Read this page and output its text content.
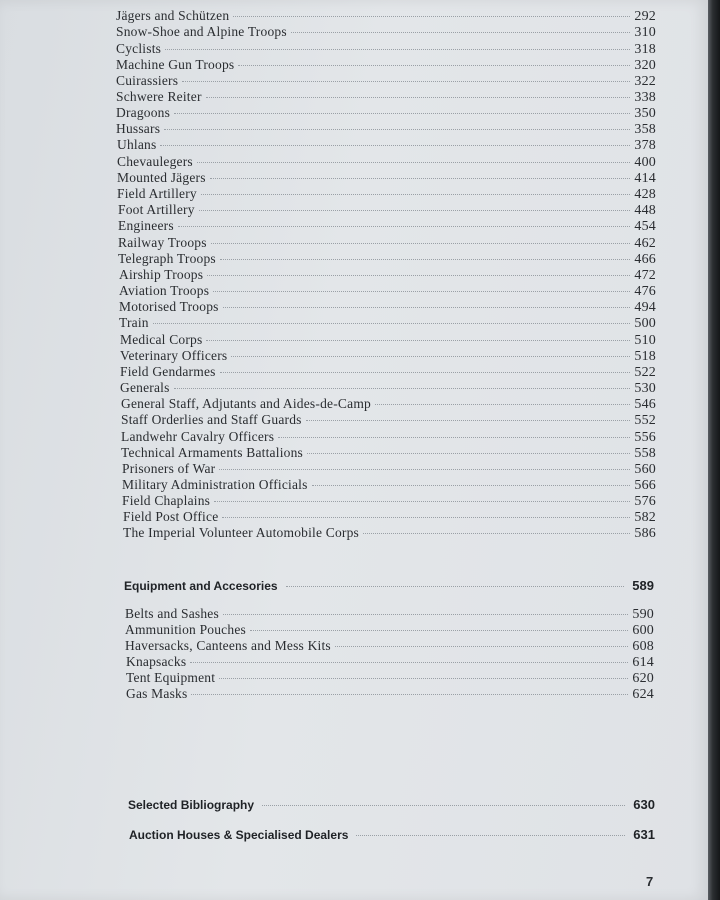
Jägers and Schützen	292
Snow-Shoe and Alpine Troops	310
Cyclists	318
Machine Gun Troops	320
Cuirassiers	322
Schwere Reiter	338
Dragoons	350
Hussars	358
Uhlans	378
Chevaulegers	400
Mounted Jägers	414
Field Artillery	428
Foot Artillery	448
Engineers	454
Railway Troops	462
Telegraph Troops	466
Airship Troops	472
Aviation Troops	476
Motorised Troops	494
Train	500
Medical Corps	510
Veterinary Officers	518
Field Gendarmes	522
Generals	530
General Staff, Adjutants and Aides-de-Camp	546
Staff Orderlies and Staff Guards	552
Landwehr Cavalry Officers	556
Technical Armaments Battalions	558
Prisoners of War	560
Military Administration Officials	566
Field Chaplains	576
Field Post Office	582
The Imperial Volunteer Automobile Corps	586
Equipment and Accesories	589
Belts and Sashes	590
Ammunition Pouches	600
Haversacks, Canteens and Mess Kits	608
Knapsacks	614
Tent Equipment	620
Gas Masks	624
Selected Bibliography	630
Auction Houses & Specialised Dealers	631
7
